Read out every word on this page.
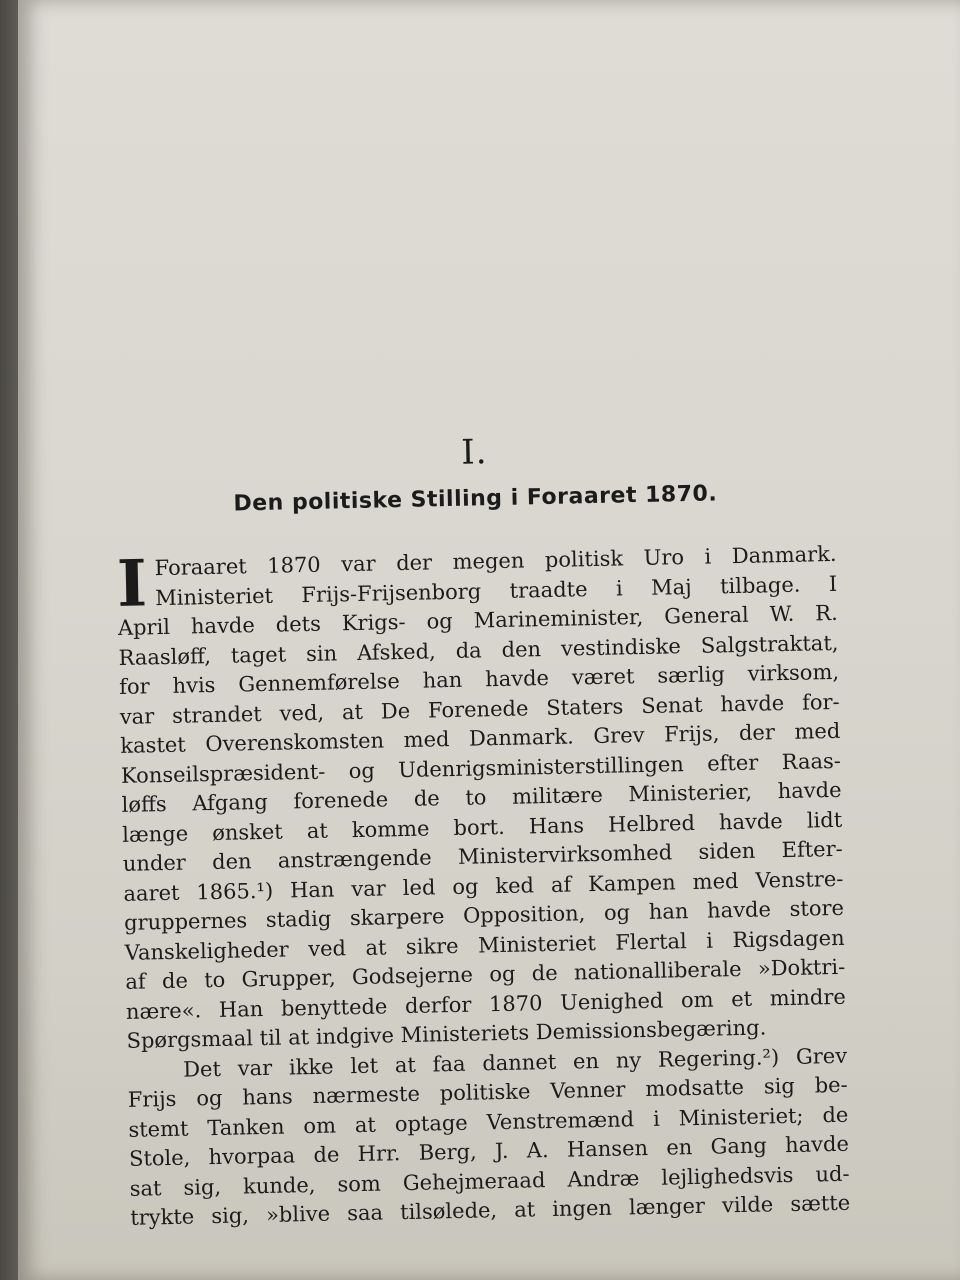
I.
Den politiske Stilling i Foraaret 1870.
I Foraaret 1870 var der megen politisk Uro i Danmark.
Ministeriet Frijs-Frijsenborg traadte i Maj tilbage. I
April havde dets Krigs- og Marineminister, General W. R.
Raasløff, taget sin Afsked, da den vestindiske Salgstraktat,
for hvis Gennemførelse han havde været særlig virksom,
var strandet ved, at De Forenede Staters Senat havde for-
kastet Overenskomsten med Danmark. Grev Frijs, der med
Konseilspræsident- og Udenrigsministerstillingen efter Raas-
løffs Afgang forenede de to militære Ministerier, havde
længe ønsket at komme bort. Hans Helbred havde lidt
under den anstrængende Ministervirksomhed siden Efter-
aaret 1865.¹) Han var led og ked af Kampen med Venstre-
gruppernes stadig skarpere Opposition, og han havde store
Vanskeligheder ved at sikre Ministeriet Flertal i Rigsdagen
af de to Grupper, Godsejerne og de nationalliberale »Doktri-
nære«. Han benyttede derfor 1870 Uenighed om et mindre
Spørgsmaal til at indgive Ministeriets Demissionsbegæring.
Det var ikke let at faa dannet en ny Regering.²) Grev
Frijs og hans nærmeste politiske Venner modsatte sig be-
stemt Tanken om at optage Venstremænd i Ministeriet; de
Stole, hvorpaa de Hrr. Berg, J. A. Hansen en Gang havde
sat sig, kunde, som Gehejmeraad Andræ lejlighedsvis ud-
trykte sig, »blive saa tilsølede, at ingen længer vilde sætte
